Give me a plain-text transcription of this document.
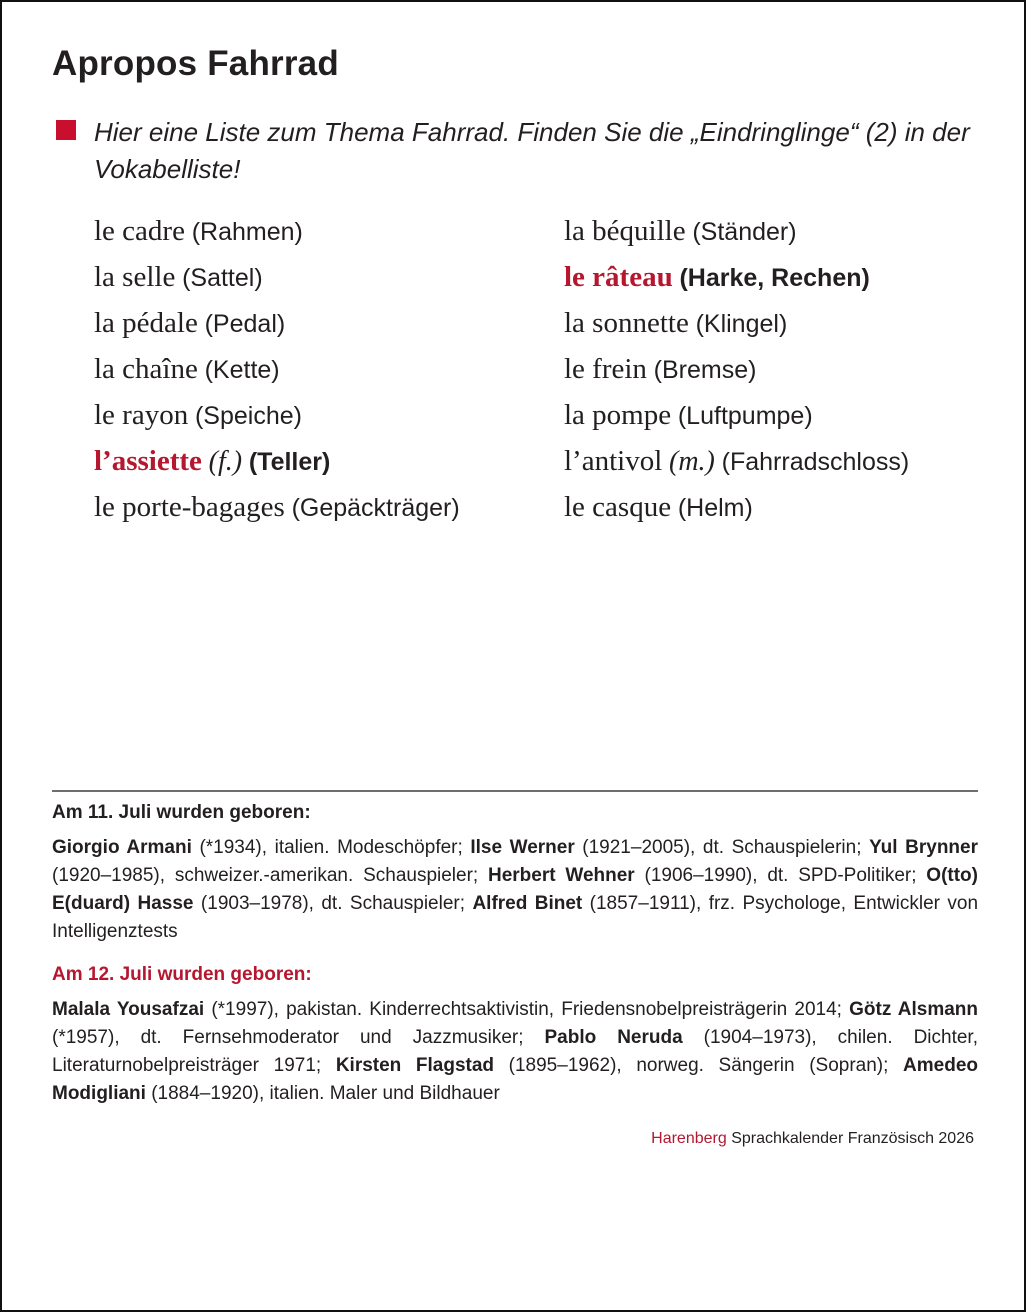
Apropos Fahrrad

Hier eine Liste zum Thema Fahrrad. Finden Sie die „Eindringlinge“ (2) in der Vokabelliste!

le cadre (Rahmen)
la selle (Sattel)
la pédale (Pedal)
la chaîne (Kette)
le rayon (Speiche)
l’assiette (f.) (Teller)
le porte-bagages (Gepäckträger)
la béquille (Ständer)
le râteau (Harke, Rechen)
la sonnette (Klingel)
le frein (Bremse)
la pompe (Luftpumpe)
l’antivol (m.) (Fahrradschloss)
le casque (Helm)
Am 11. Juli wurden geboren:

Giorgio Armani (*1934), italien. Modeschöpfer; Ilse Werner (1921–2005), dt. Schauspielerin; Yul Brynner (1920–1985), schweizer.-amerikan. Schauspieler; Herbert Wehner (1906–1990), dt. SPD-Politiker; O(tto) E(duard) Hasse (1903–1978), dt. Schauspieler; Alfred Binet (1857–1911), frz. Psychologe, Entwickler von Intelligenztests

Am 12. Juli wurden geboren:

Malala Yousafzai (*1997), pakistan. Kinderrechtsaktivistin, Friedensnobelpreisträgerin 2014; Götz Alsmann (*1957), dt. Fernsehmoderator und Jazzmusiker; Pablo Neruda (1904–1973), chilen. Dichter, Literaturnobelpreisträger 1971; Kirsten Flagstad (1895–1962), norweg. Sängerin (Sopran); Amedeo Modigliani (1884–1920), italien. Maler und Bildhauer

Harenberg Sprachkalender Französisch 2026
